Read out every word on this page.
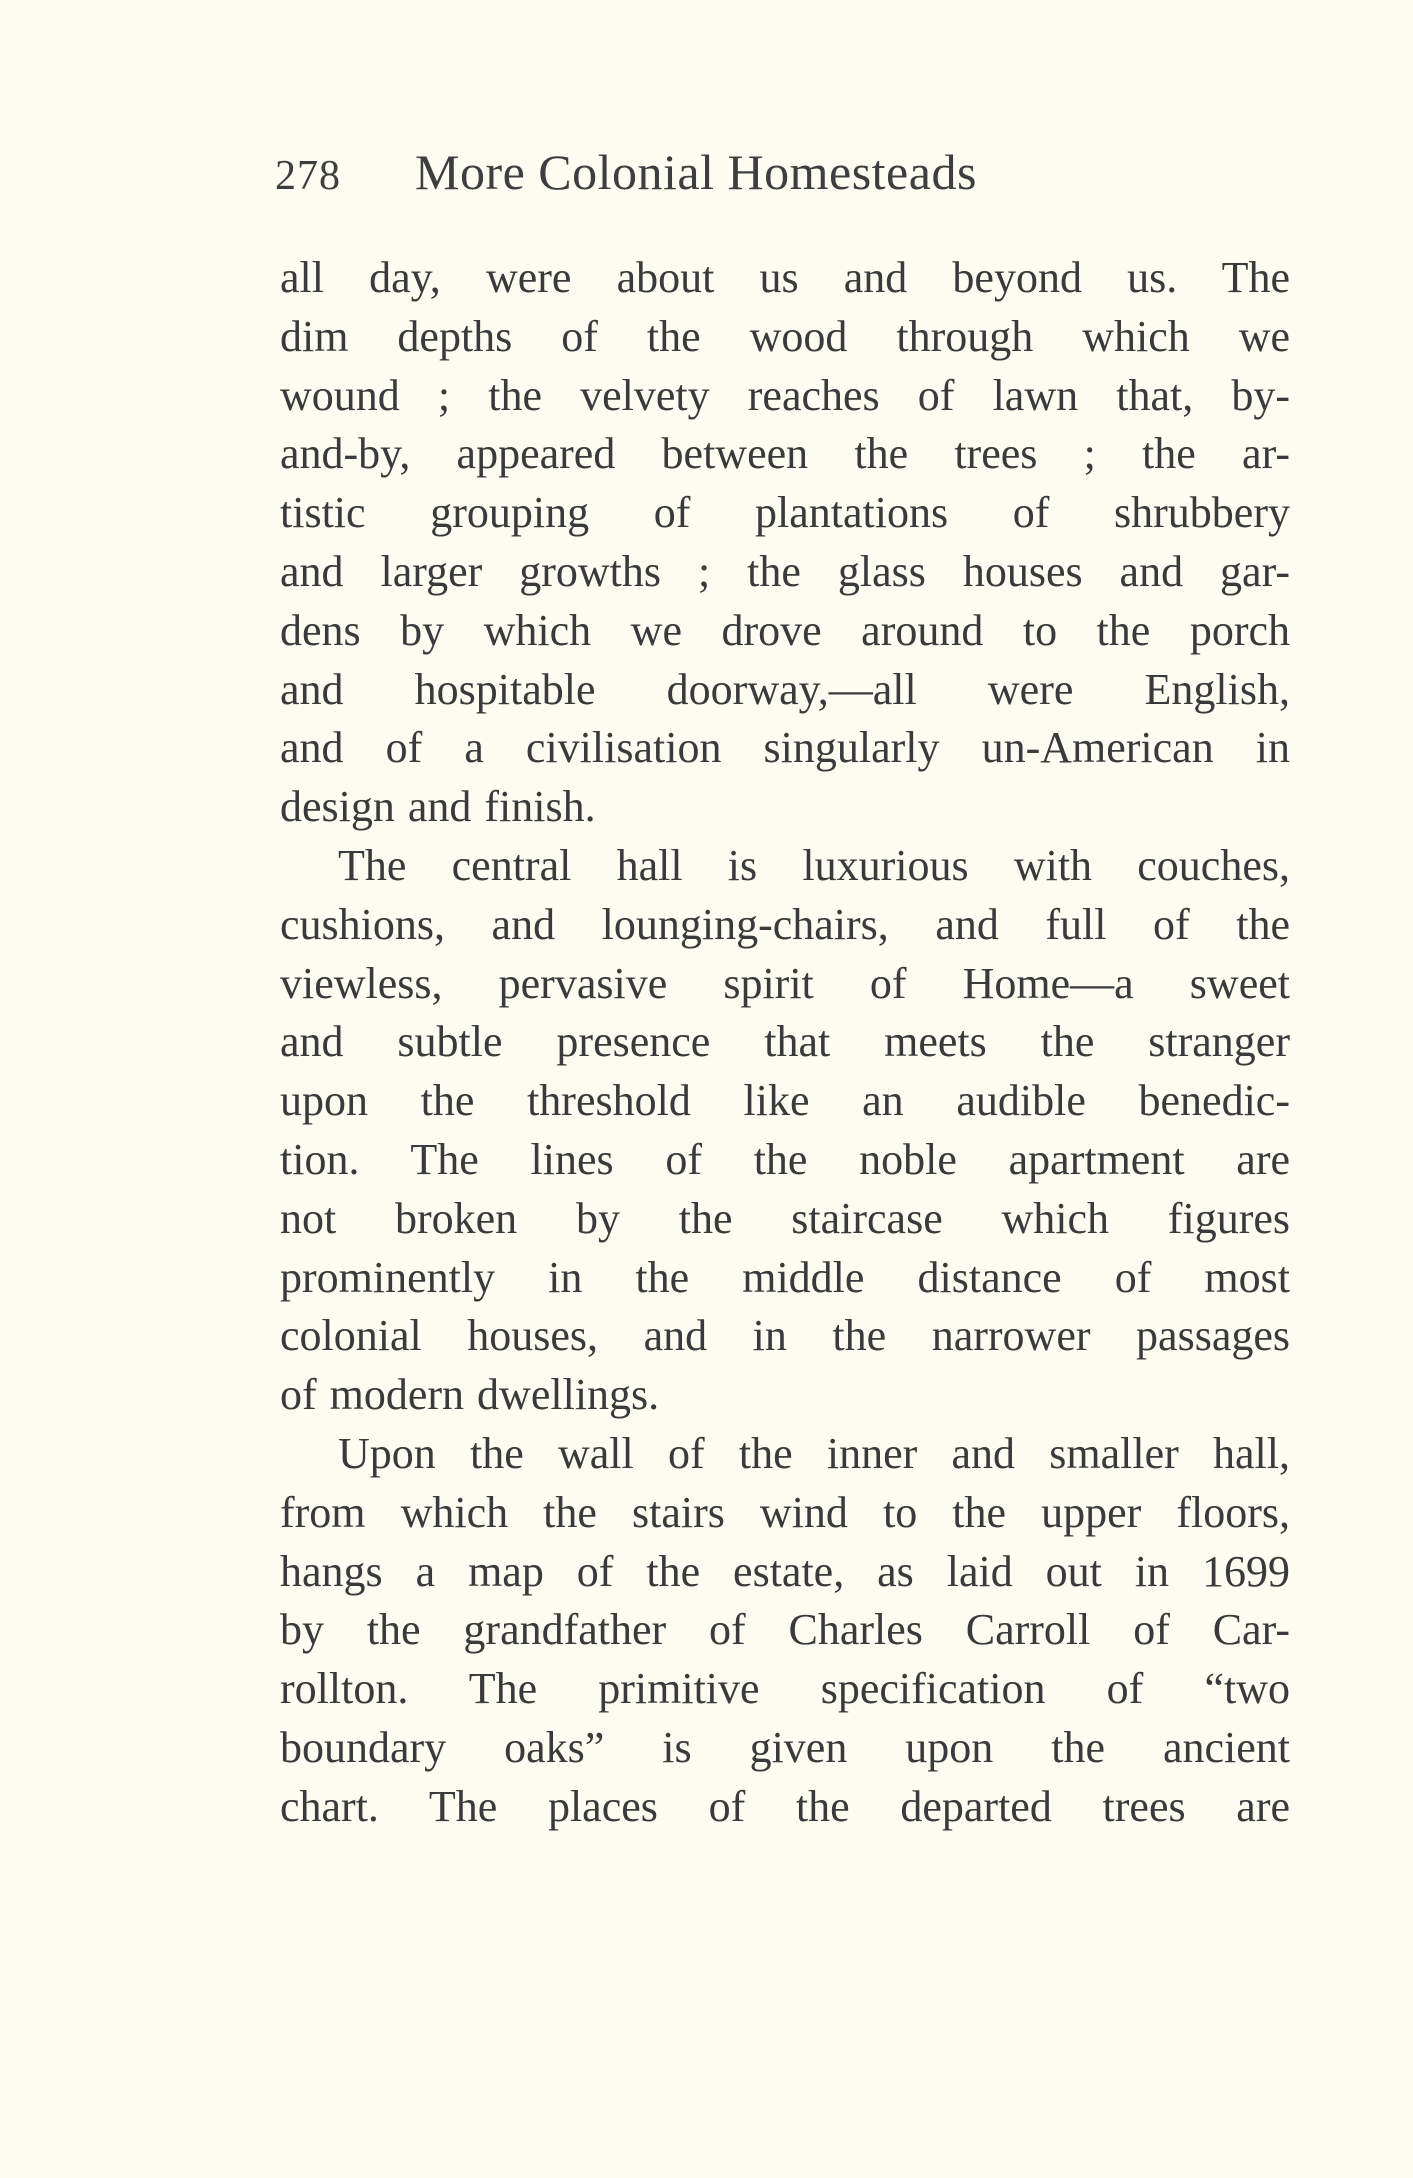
278 More Colonial Homesteads
all day, were about us and beyond us. The
dim depths of the wood through which we
wound ; the velvety reaches of lawn that, by-
and-by, appeared between the trees ; the ar-
tistic grouping of plantations of shrubbery
and larger growths ; the glass houses and gar-
dens by which we drove around to the porch
and hospitable doorway,—all were English,
and of a civilisation singularly un-American in
design and finish.
The central hall is luxurious with couches,
cushions, and lounging-chairs, and full of the
viewless, pervasive spirit of Home—a sweet
and subtle presence that meets the stranger
upon the threshold like an audible benedic-
tion. The lines of the noble apartment are
not broken by the staircase which figures
prominently in the middle distance of most
colonial houses, and in the narrower passages
of modern dwellings.
Upon the wall of the inner and smaller hall,
from which the stairs wind to the upper floors,
hangs a map of the estate, as laid out in 1699
by the grandfather of Charles Carroll of Car-
rollton. The primitive specification of “two
boundary oaks” is given upon the ancient
chart. The places of the departed trees are
